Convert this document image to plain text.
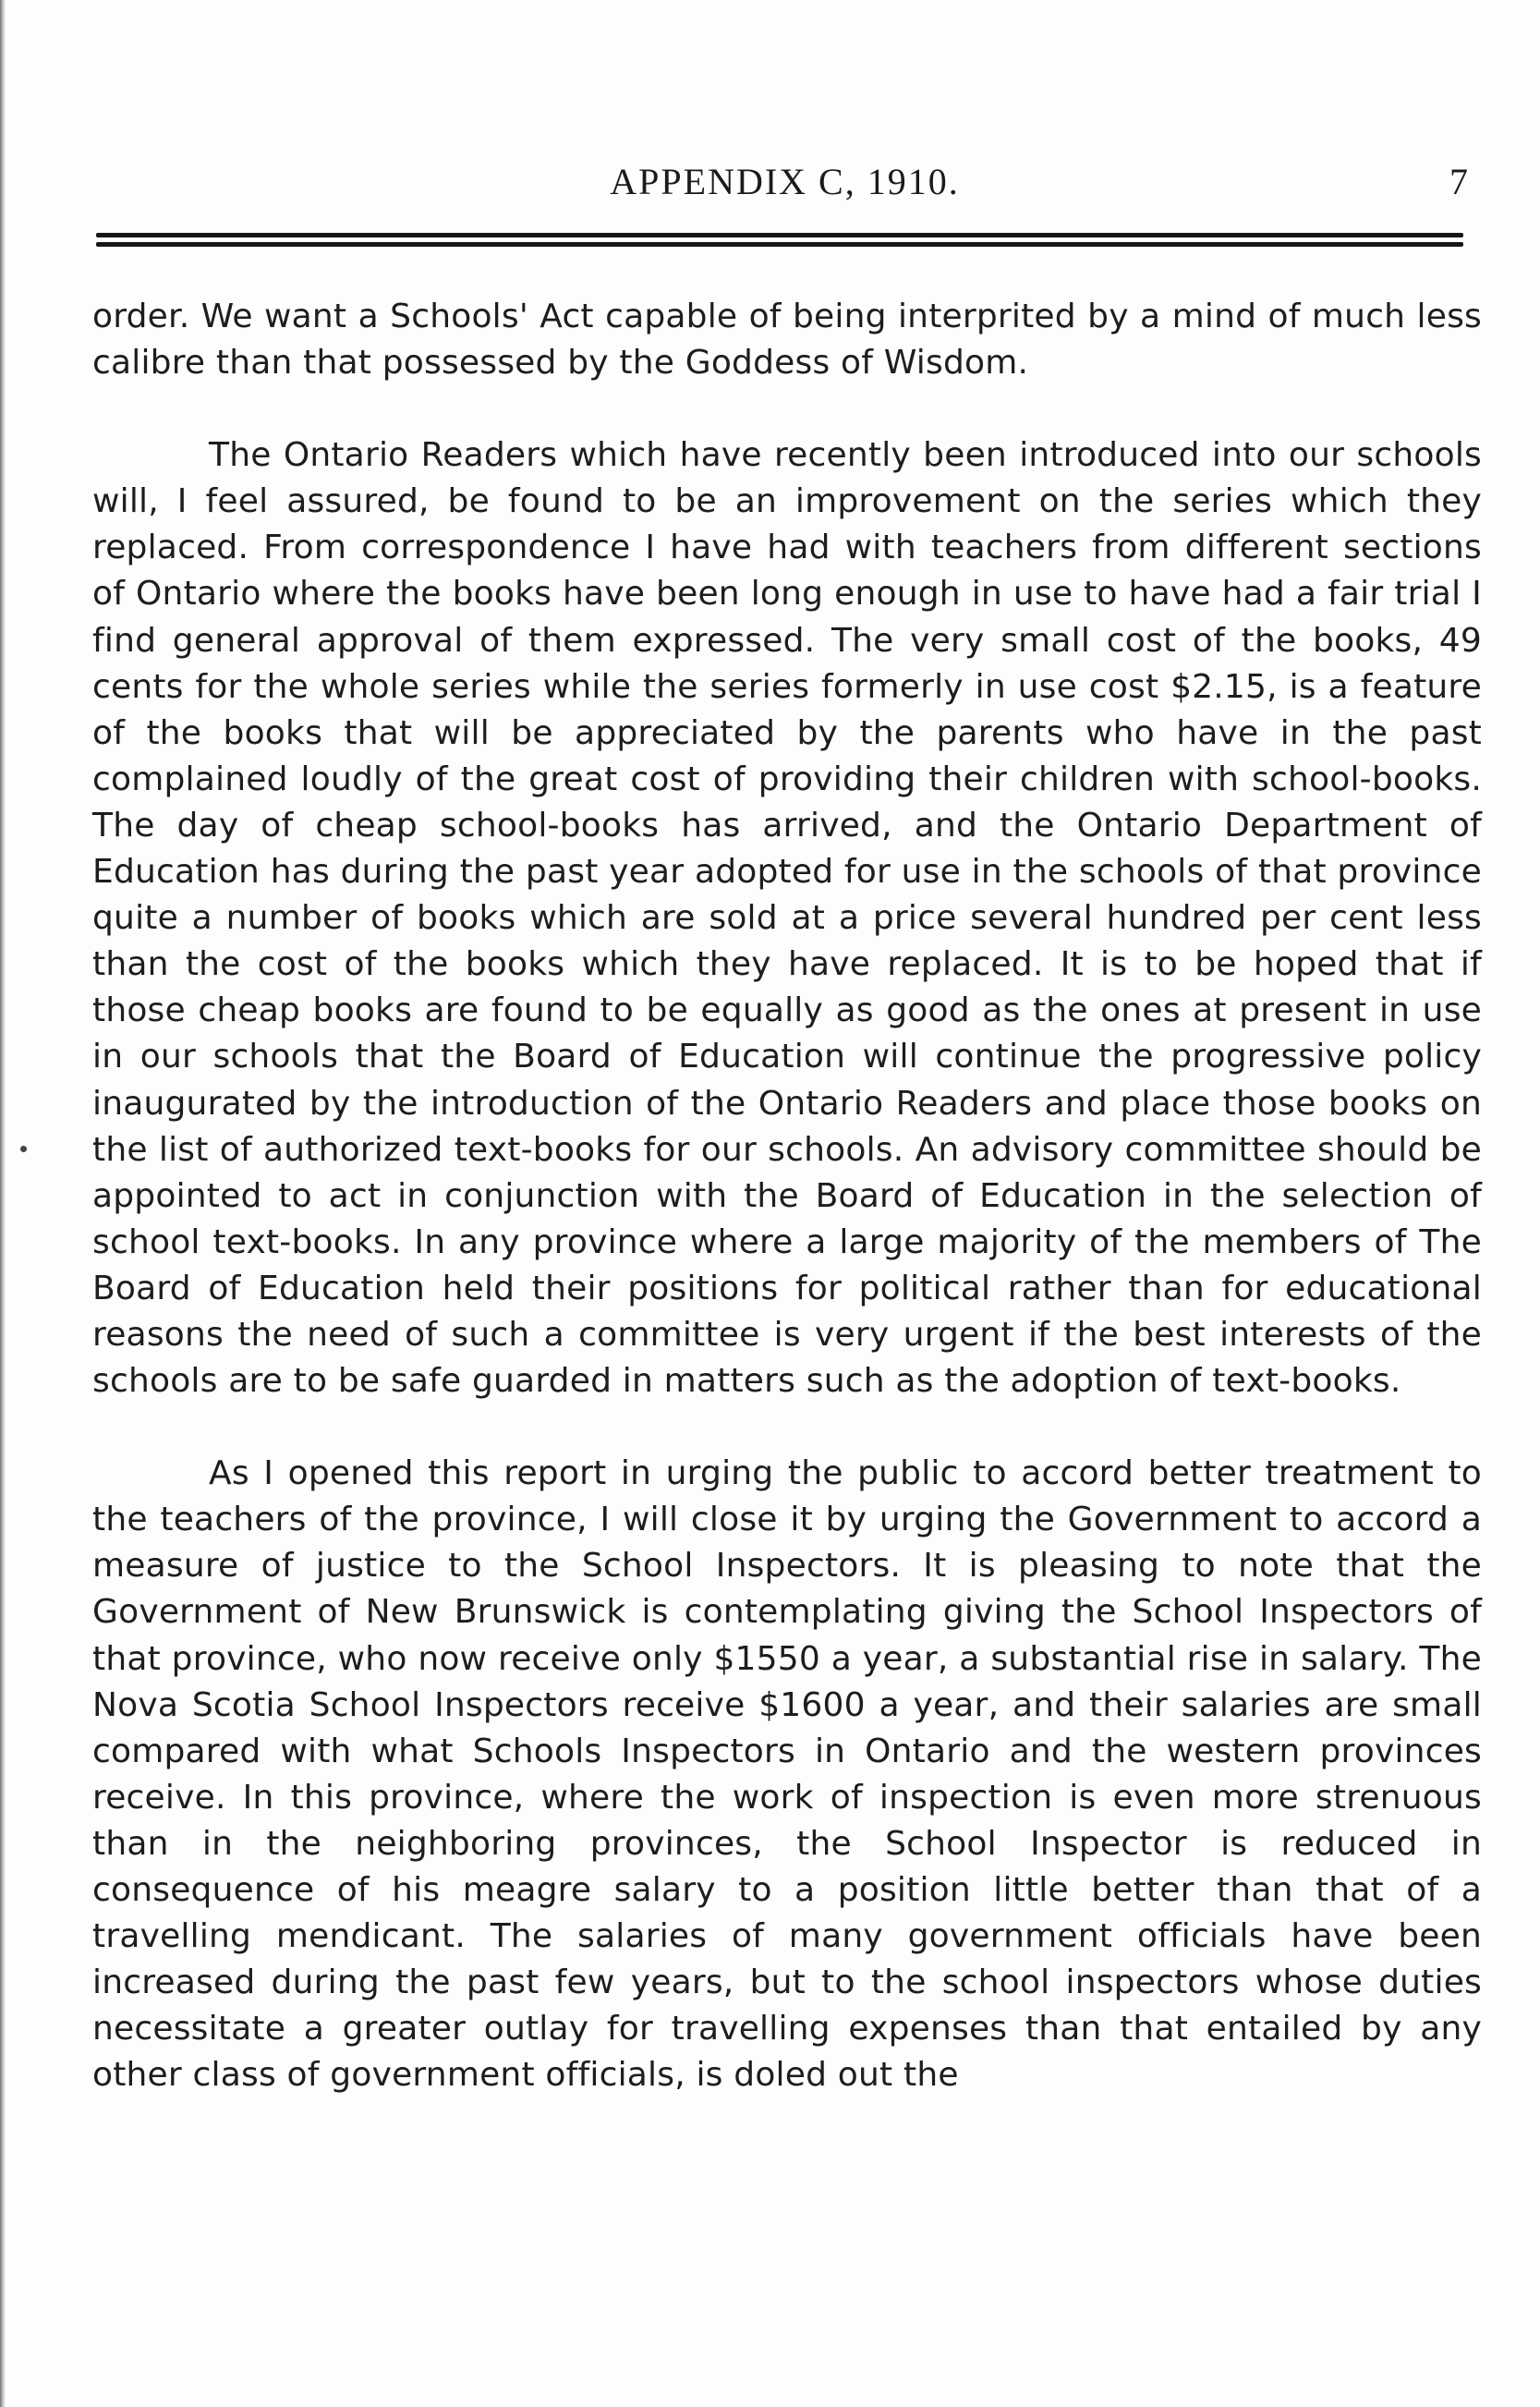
APPENDIX C, 1910.	7

order. We want a Schools' Act capable of being interprited by a mind of much less calibre than that possessed by the Goddess of Wisdom.

The Ontario Readers which have recently been introduced into our schools will, I feel assured, be found to be an improvement on the series which they replaced. From correspondence I have had with teachers from different sections of Ontario where the books have been long enough in use to have had a fair trial I find general approval of them expressed. The very small cost of the books, 49 cents for the whole series while the series formerly in use cost $2.15, is a feature of the books that will be appreciated by the parents who have in the past complained loudly of the great cost of providing their children with school-books. The day of cheap school-books has arrived, and the Ontario Department of Education has during the past year adopted for use in the schools of that province quite a number of books which are sold at a price several hundred per cent less than the cost of the books which they have replaced. It is to be hoped that if those cheap books are found to be equally as good as the ones at present in use in our schools that the Board of Education will continue the progressive policy inaugurated by the introduction of the Ontario Readers and place those books on the list of authorized text-books for our schools. An advisory committee should be appointed to act in conjunction with the Board of Education in the selection of school text-books. In any province where a large majority of the members of The Board of Education held their positions for political rather than for educational reasons the need of such a committee is very urgent if the best interests of the schools are to be safe guarded in matters such as the adoption of text-books.

As I opened this report in urging the public to accord better treatment to the teachers of the province, I will close it by urging the Government to accord a measure of justice to the School Inspectors. It is pleasing to note that the Government of New Brunswick is contemplating giving the School Inspectors of that province, who now receive only $1550 a year, a substantial rise in salary. The Nova Scotia School Inspectors receive $1600 a year, and their salaries are small compared with what Schools Inspectors in Ontario and the western provinces receive. In this province, where the work of inspection is even more strenuous than in the neighboring provinces, the School Inspector is reduced in consequence of his meagre salary to a position little better than that of a travelling mendicant. The salaries of many government officials have been increased during the past few years, but to the school inspectors whose duties necessitate a greater outlay for travelling expenses than that entailed by any other class of government officials, is doled out the
